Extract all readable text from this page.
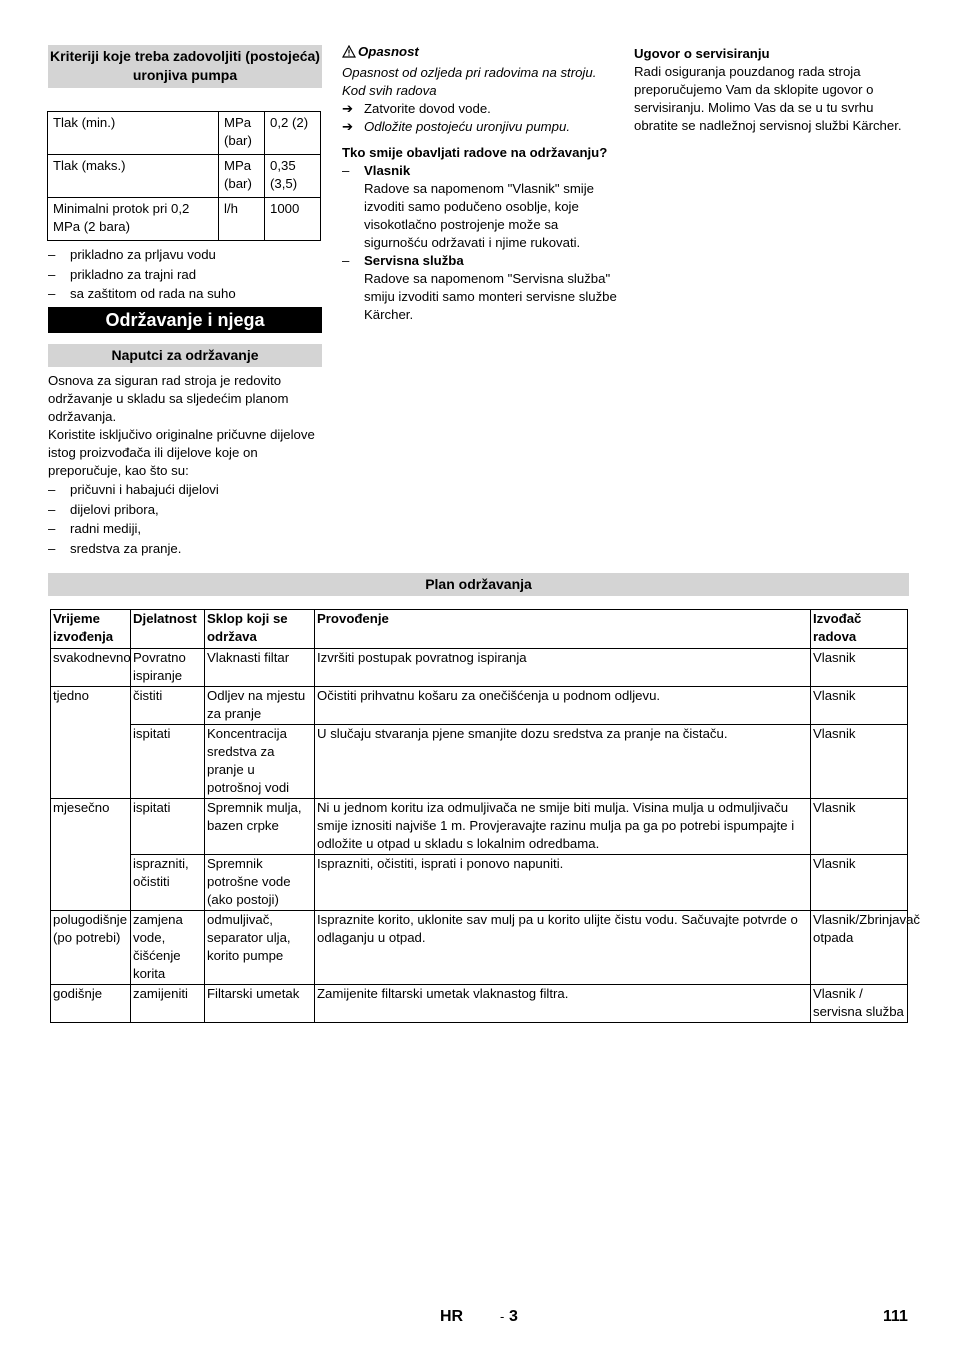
Kriteriji koje treba zadovoljiti (postojeća) uronjiva pumpa
Tlak (min.)	MPa (bar)	0,2 (2)
Tlak (maks.)	MPa (bar)	0,35 (3,5)
Minimalni protok pri 0,2 MPa (2 bara)	l/h	1000
– prikladno za prljavu vodu
– prikladno za trajni rad
– sa zaštitom od rada na suho
Održavanje i njega
Naputci za održavanje

Osnova za siguran rad stroja je redovito održavanje u skladu sa sljedećim planom održavanja.

Koristite isključivo originalne pričuvne dijelove istog proizvođača ili dijelove koje on preporučuje, kao što su:

– pričuvni i habajući dijelovi
– dijelovi pribora,
– radni mediji,
– sredstva za pranje.
Opasnost

Opasnost od ozljeda pri radovima na stroju. Kod svih radova

➔ Zatvorite dovod vode.
➔ Odložite postojeću uronjivu pumpu.

Tko smije obavljati radove na održavanju?

– Vlasnik
Radove sa napomenom "Vlasnik" smije izvoditi samo podučeno osoblje, koje visokotlačno postrojenje može sa sigurnošću održavati i njime rukovati.
– Servisna služba
Radove sa napomenom "Servisna služba" smiju izvoditi samo monteri servisne službe Kärcher.

Ugovor o servisiranju

Radi osiguranja pouzdanog rada stroja preporučujemo Vam da sklopite ugovor o servisiranju. Molimo Vas da se u tu svrhu obratite se nadležnoj servisnoj službi Kärcher.

Plan održavanja
Vrijeme izvođenja	Djelatnost	Sklop koji se održava	Provođenje	Izvođač radova
svakodnevno	Povratno ispiranje	Vlaknasti filtar	Izvršiti postupak povratnog ispiranja	Vlasnik
tjedno	čistiti	Odljev na mjestu za pranje	Očistiti prihvatnu košaru za onečišćenja u podnom odljevu.	Vlasnik
	ispitati	Koncentracija sredstva za pranje u potrošnoj vodi	U slučaju stvaranja pjene smanjite dozu sredstva za pranje na čistaču.	Vlasnik
mjesečno	ispitati	Spremnik mulja, bazen crpke	Ni u jednom koritu iza odmuljivača ne smije biti mulja. Visina mulja u odmuljivaču smije iznositi najviše 1 m. Provjeravajte razinu mulja pa ga po potrebi ispumpajte i odložite u otpad u skladu s lokalnim odredbama.	Vlasnik
	isprazniti, očistiti	Spremnik potrošne vode (ako postoji)	Isprazniti, očistiti, isprati i ponovo napuniti.	Vlasnik
polugodišnje (po potrebi)	zamjena vode, čišćenje korita	odmuljivač, separator ulja, korito pumpe	Ispraznite korito, uklonite sav mulj pa u korito ulijte čistu vodu. Sačuvajte potvrde o odlaganju u otpad.	Vlasnik/Zbrinjavač otpada
godišnje	zamijeniti	Filtarski umetak	Zamijenite filtarski umetak vlaknastog filtra.	Vlasnik / servisna služba
HR	- 3	111
